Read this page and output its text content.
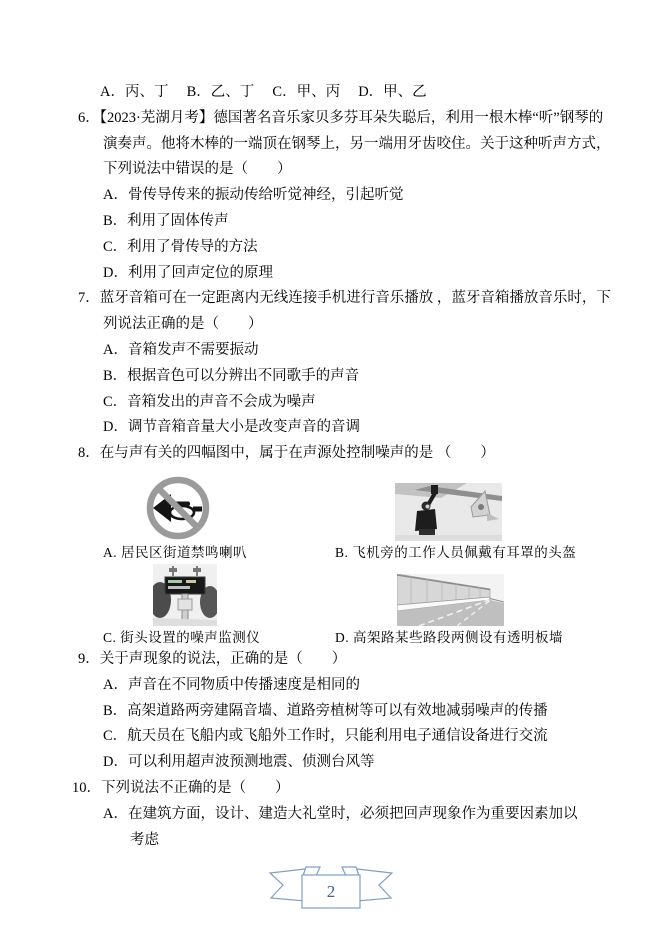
A．丙、丁　 B．乙、丁　 C．甲、丙　 D．甲、乙
6．【2023·芜湖月考】德国著名音乐家贝多芬耳朵失聪后，利用一根木棒“听”钢琴的
演奏声。他将木棒的一端顶在钢琴上，另一端用牙齿咬住。关于这种听声方式，
下列说法中错误的是（　　）
A．骨传导传来的振动传给听觉神经，引起听觉
B．利用了固体传声
C．利用了骨传导的方法
D．利用了回声定位的原理
7．蓝牙音箱可在一定距离内无线连接手机进行音乐播放 ，蓝牙音箱播放音乐时，下
列说法正确的是（　　）
A．音箱发声不需要振动
B．根据音色可以分辨出不同歌手的声音
C．音箱发出的声音不会成为噪声
D．调节音箱音量大小是改变声音的音调
8．在与声有关的四幅图中，属于在声源处控制噪声的是 （　　）
A. 居民区街道禁鸣喇叭	B. 飞机旁的工作人员佩戴有耳罩的头盔
C. 街头设置的噪声监测仪	D. 高架路某些路段两侧设有透明板墙
9．关于声现象的说法，正确的是（　　）
A．声音在不同物质中传播速度是相同的
B．高架道路两旁建隔音墙、道路旁植树等可以有效地减弱噪声的传播
C．航天员在飞船内或飞船外工作时，只能利用电子通信设备进行交流
D．可以利用超声波预测地震、侦测台风等
10．下列说法不正确的是（　　）
A．在建筑方面，设计、建造大礼堂时，必须把回声现象作为重要因素加以
考虑
2
